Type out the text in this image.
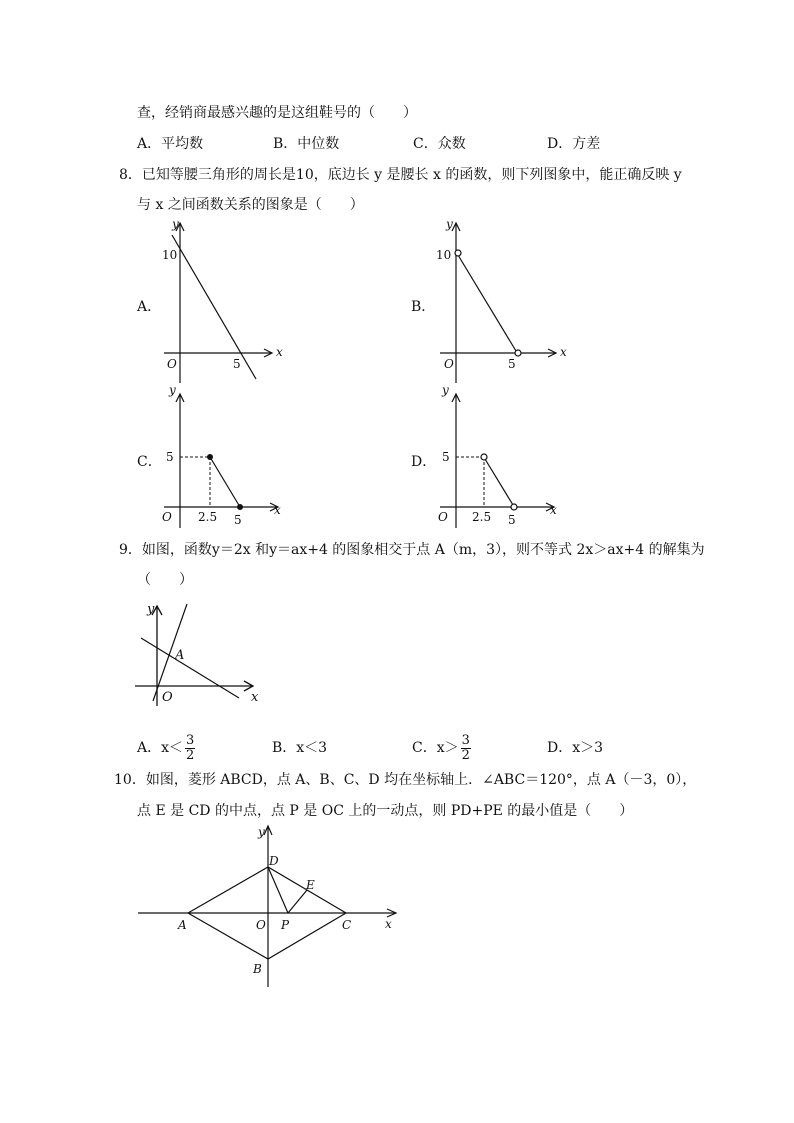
查，经销商最感兴趣的是这组鞋号的（　　）
A．平均数	B．中位数	C．众数	D．方差
8．已知等腰三角形的周长是10，底边长 y 是腰长 x 的函数，则下列图象中，能正确反映 y
与 x 之间函数关系的图象是（　　）
A．	B．
C．	D．
y
x
O
10
5
y
x
O
10
5
y
x
O
5
2.5 5
y
x
O
5
2.5 5
9．如图，函数y＝2x 和y＝ax+4 的图象相交于点 A（m，3），则不等式 2x＞ax+4 的解集为
（　　）
y
x
O
A
A．$x< \frac{3}{2}$	B．x＜3	C．$x> \frac{3}{2}$	D．x＞3
10．如图，菱形 ABCD，点 A、B、C、D 均在坐标轴上．∠ABC＝120°，点 A（－3，0），
点 E 是 CD 的中点，点 P 是 OC 上的一动点，则 PD+PE 的最小值是（　　）
y
x
D
E
A	O P	C
B
